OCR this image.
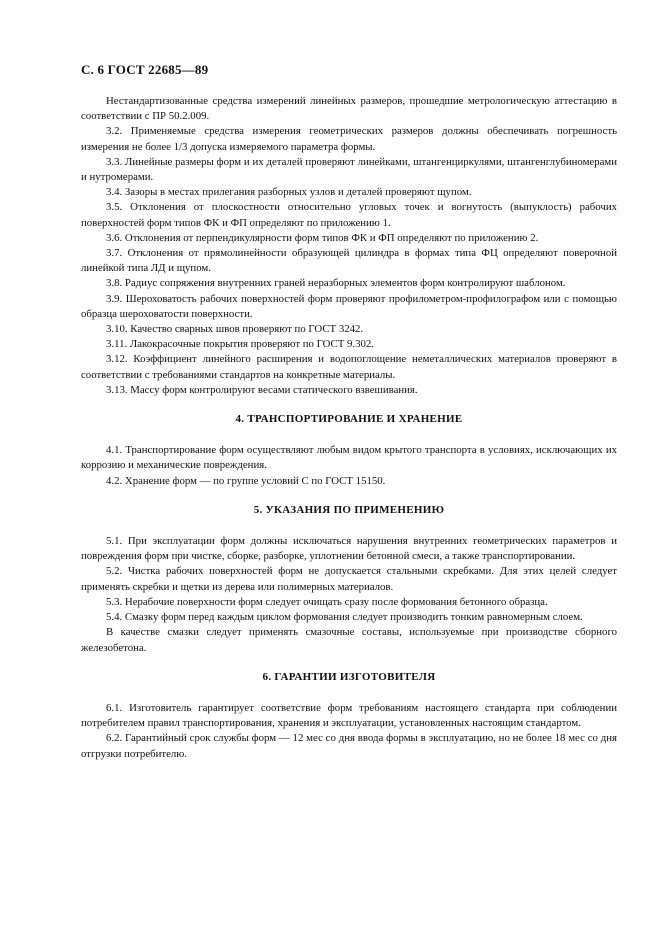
С. 6 ГОСТ 22685—89

Нестандартизованные средства измерений линейных размеров, прошедшие метрологическую аттестацию в соответствии с ПР 50.2.009.

3.2. Применяемые средства измерения геометрических размеров должны обеспечивать погрешность измерения не более 1/3 допуска измеряемого параметра формы.

3.3. Линейные размеры форм и их деталей проверяют линейками, штангенциркулями, штангенглубиномерами и нутромерами.

3.4. Зазоры в местах прилегания разборных узлов и деталей проверяют щупом.

3.5. Отклонения от плоскостности относительно угловых точек и вогнутость (выпуклость) рабочих поверхностей форм типов ФК и ФП определяют по приложению 1.

3.6. Отклонения от перпендикулярности форм типов ФК и ФП определяют по приложению 2.

3.7. Отклонения от прямолинейности образующей цилиндра в формах типа ФЦ определяют поверочной линейкой типа ЛД и щупом.

3.8. Радиус сопряжения внутренних граней неразборных элементов форм контролируют шаблоном.

3.9. Шероховатость рабочих поверхностей форм проверяют профилометром-профилографом или с помощью образца шероховатости поверхности.

3.10. Качество сварных швов проверяют по ГОСТ 3242.

3.11. Лакокрасочные покрытия проверяют по ГОСТ 9.302.

3.12. Коэффициент линейного расширения и водопоглощение неметаллических материалов проверяют в соответствии с требованиями стандартов на конкретные материалы.

3.13. Массу форм контролируют весами статического взвешивания.

4. ТРАНСПОРТИРОВАНИЕ И ХРАНЕНИЕ

4.1. Транспортирование форм осуществляют любым видом крытого транспорта в условиях, исключающих их коррозию и механические повреждения.

4.2. Хранение форм — по группе условий С по ГОСТ 15150.

5. УКАЗАНИЯ ПО ПРИМЕНЕНИЮ

5.1. При эксплуатации форм должны исключаться нарушения внутренних геометрических параметров и повреждения форм при чистке, сборке, разборке, уплотнении бетонной смеси, а также транспортировании.

5.2. Чистка рабочих поверхностей форм не допускается стальными скребками. Для этих целей следует применять скребки и щетки из дерева или полимерных материалов.

5.3. Нерабочие поверхности форм следует очищать сразу после формования бетонного образца.

5.4. Смазку форм перед каждым циклом формования следует производить тонким равномерным слоем.

В качестве смазки следует применять смазочные составы, используемые при производстве сборного железобетона.

6. ГАРАНТИИ ИЗГОТОВИТЕЛЯ

6.1. Изготовитель гарантирует соответствие форм требованиям настоящего стандарта при соблюдении потребителем правил транспортирования, хранения и эксплуатации, установленных настоящим стандартом.

6.2. Гарантийный срок службы форм — 12 мес со дня ввода формы в эксплуатацию, но не более 18 мес со дня отгрузки потребителю.
